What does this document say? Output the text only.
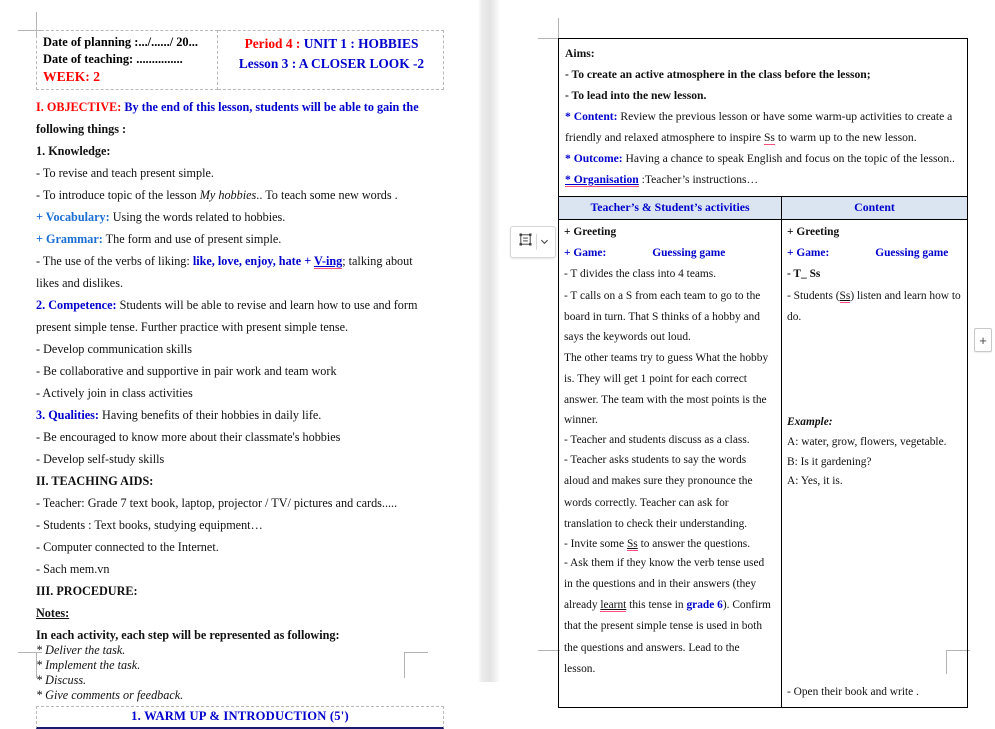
Date of planning :.../....../ 20...
Date of teaching: ...............
WEEK: 2

Period 4 : UNIT 1 : HOBBIES
Lesson 3 : A CLOSER LOOK -2
I. OBJECTIVE: By the end of this lesson, students will be able to gain the
following things :
1. Knowledge:
- To revise and teach present simple.
- To introduce topic of the lesson My hobbies.. To teach some new words .
+ Vocabulary: Using the words related to hobbies.
+ Grammar: The form and use of present simple.
- The use of the verbs of liking: like, love, enjoy, hate + V-ing; talking about
likes and dislikes.
2. Competence: Students will be able to revise and learn how to use and form
present simple tense. Further practice with present simple tense.
- Develop communication skills
- Be collaborative and supportive in pair work and team work
- Actively join in class activities
3. Qualities: Having benefits of their hobbies in daily life.
- Be encouraged to know more about their classmate's hobbies
- Develop self-study skills
II. TEACHING AIDS:
- Teacher: Grade 7 text book, laptop, projector / TV/ pictures and cards.....
- Students : Text books, studying equipment…
- Computer connected to the Internet.
- Sach mem.vn
III. PROCEDURE:
Notes:
In each activity, each step will be represented as following:
* Deliver the task.
* Implement the task.
* Discuss.
* Give comments or feedback.
1. WARM UP & INTRODUCTION (5')
Aims:
- To create an active atmosphere in the class before the lesson;
- To lead into the new lesson.
* Content: Review the previous lesson or have some warm-up activities to create a
friendly and relaxed atmosphere to inspire Ss to warm up to the new lesson.
* Outcome: Having a chance to speak English and focus on the topic of the lesson..
* Organisation :Teacher’s instructions…
Teacher’s & Student’s activities	Content

+ Greeting
+ Game:	Guessing game
- T divides the class into 4 teams.
- T calls on a S from each team to go to the
board in turn. That S thinks of a hobby and
says the keywords out loud.
The other teams try to guess What the hobby
is. They will get 1 point for each correct
answer. The team with the most points is the
winner.
- Teacher and students discuss as a class.
- Teacher asks students to say the words
aloud and makes sure they pronounce the
words correctly. Teacher can ask for
translation to check their understanding.
- Invite some Ss to answer the questions.
- Ask them if they know the verb tense used
in the questions and in their answers (they
already learnt this tense in grade 6). Confirm
that the present simple tense is used in both
the questions and answers. Lead to the
lesson.

+ Greeting
+ Game:	Guessing game
- T_ Ss
- Students (Ss) listen and learn how to
do.

Example:
A: water, grow, flowers, vegetable.
B: Is it gardening?
A: Yes, it is.

- Open their book and write .
+
